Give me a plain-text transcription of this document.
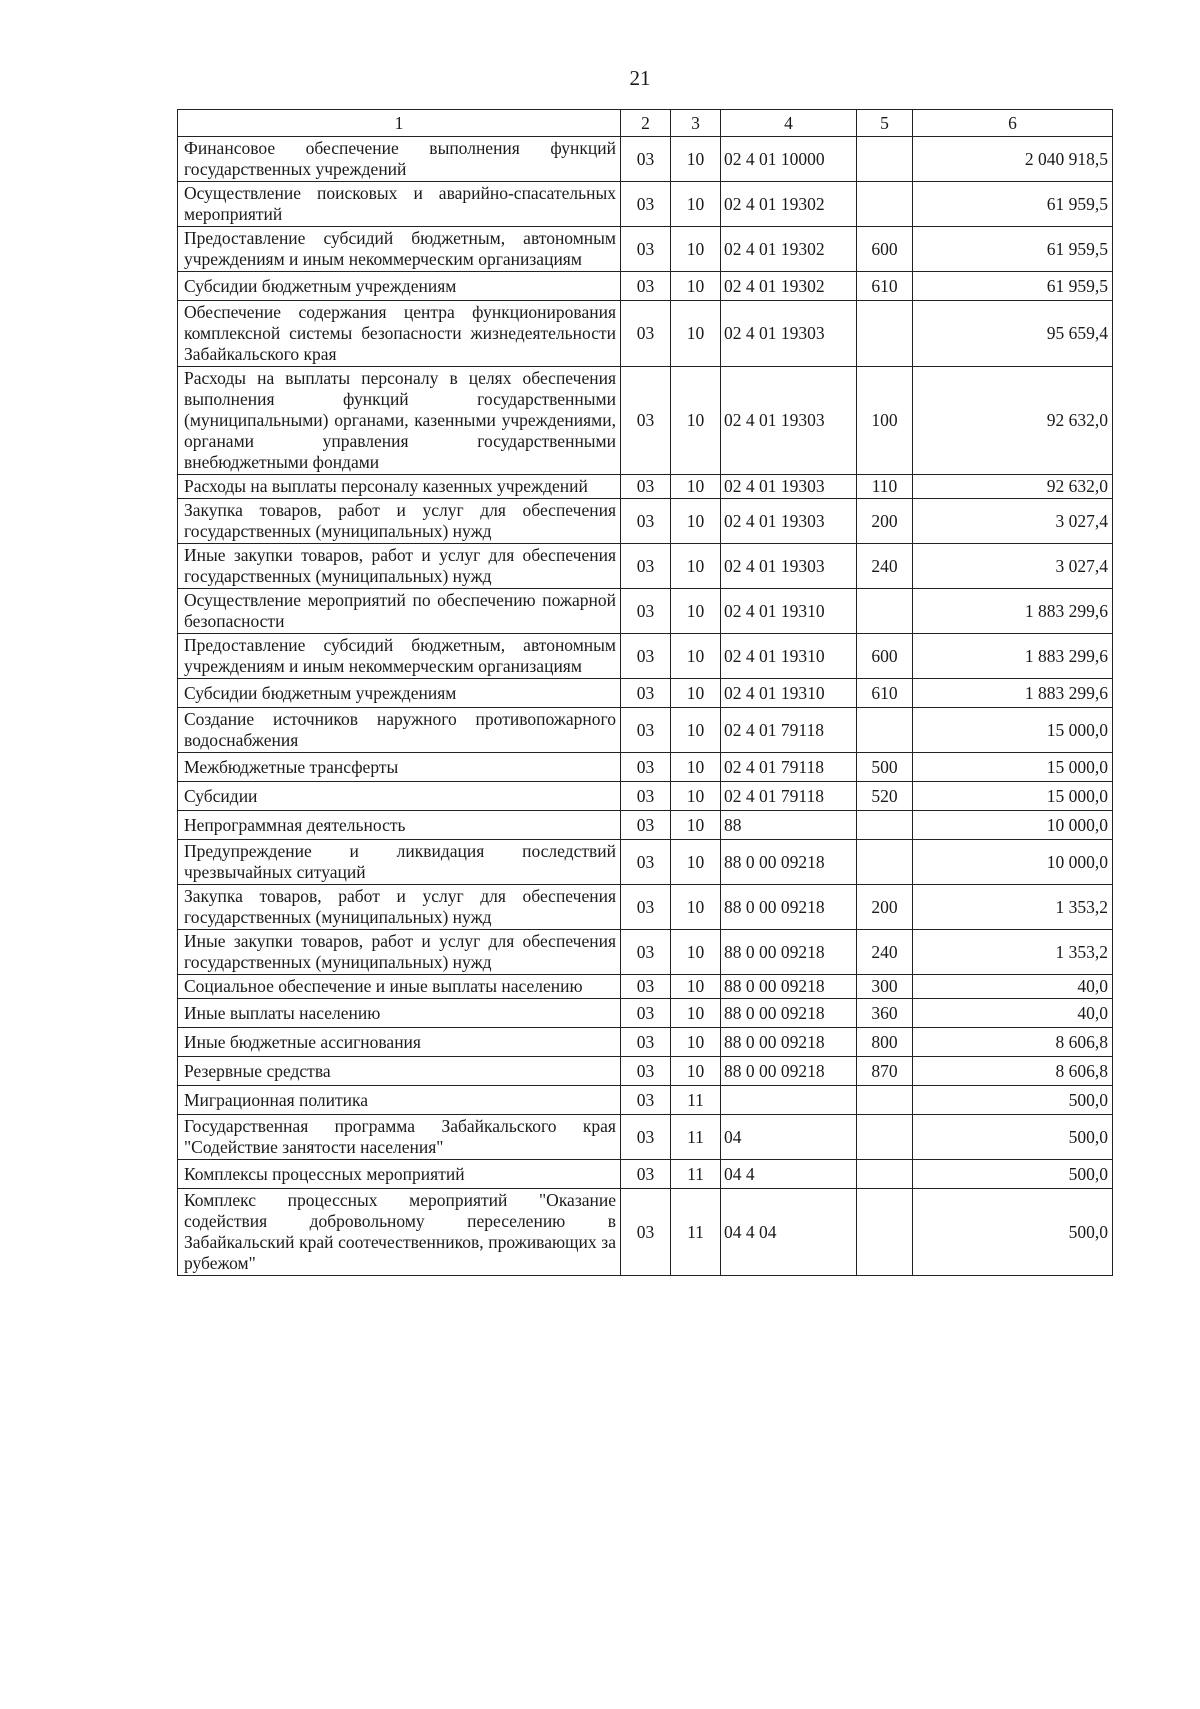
21
1	2	3	4	5	6
Финансовое обеспечение выполнения функций государственных учреждений	03	10	02 4 01 10000		2 040 918,5
Осуществление поисковых и аварийно-спасательных мероприятий	03	10	02 4 01 19302		61 959,5
Предоставление субсидий бюджетным, автономным учреждениям и иным некоммерческим организациям	03	10	02 4 01 19302	600	61 959,5
Субсидии бюджетным учреждениям	03	10	02 4 01 19302	610	61 959,5
Обеспечение содержания центра функционирования комплексной системы безопасности жизнедеятельности Забайкальского края	03	10	02 4 01 19303		95 659,4
Расходы на выплаты персоналу в целях обеспечения выполнения функций государственными (муниципальными) органами, казенными учреждениями, органами управления государственными внебюджетными фондами	03	10	02 4 01 19303	100	92 632,0
Расходы на выплаты персоналу казенных учреждений	03	10	02 4 01 19303	110	92 632,0
Закупка товаров, работ и услуг для обеспечения государственных (муниципальных) нужд	03	10	02 4 01 19303	200	3 027,4
Иные закупки товаров, работ и услуг для обеспечения государственных (муниципальных) нужд	03	10	02 4 01 19303	240	3 027,4
Осуществление мероприятий по обеспечению пожарной безопасности	03	10	02 4 01 19310		1 883 299,6
Предоставление субсидий бюджетным, автономным учреждениям и иным некоммерческим организациям	03	10	02 4 01 19310	600	1 883 299,6
Субсидии бюджетным учреждениям	03	10	02 4 01 19310	610	1 883 299,6
Создание источников наружного противопожарного водоснабжения	03	10	02 4 01 79118		15 000,0
Межбюджетные трансферты	03	10	02 4 01 79118	500	15 000,0
Субсидии	03	10	02 4 01 79118	520	15 000,0
Непрограммная деятельность	03	10	88		10 000,0
Предупреждение и ликвидация последствий чрезвычайных ситуаций	03	10	88 0 00 09218		10 000,0
Закупка товаров, работ и услуг для обеспечения государственных (муниципальных) нужд	03	10	88 0 00 09218	200	1 353,2
Иные закупки товаров, работ и услуг для обеспечения государственных (муниципальных) нужд	03	10	88 0 00 09218	240	1 353,2
Социальное обеспечение и иные выплаты населению	03	10	88 0 00 09218	300	40,0
Иные выплаты населению	03	10	88 0 00 09218	360	40,0
Иные бюджетные ассигнования	03	10	88 0 00 09218	800	8 606,8
Резервные средства	03	10	88 0 00 09218	870	8 606,8
Миграционная политика	03	11			500,0
Государственная программа Забайкальского края "Содействие занятости населения"	03	11	04		500,0
Комплексы процессных мероприятий	03	11	04 4		500,0
Комплекс процессных мероприятий "Оказание содействия добровольному переселению в Забайкальский край соотечественников, проживающих за рубежом"	03	11	04 4 04		500,0
